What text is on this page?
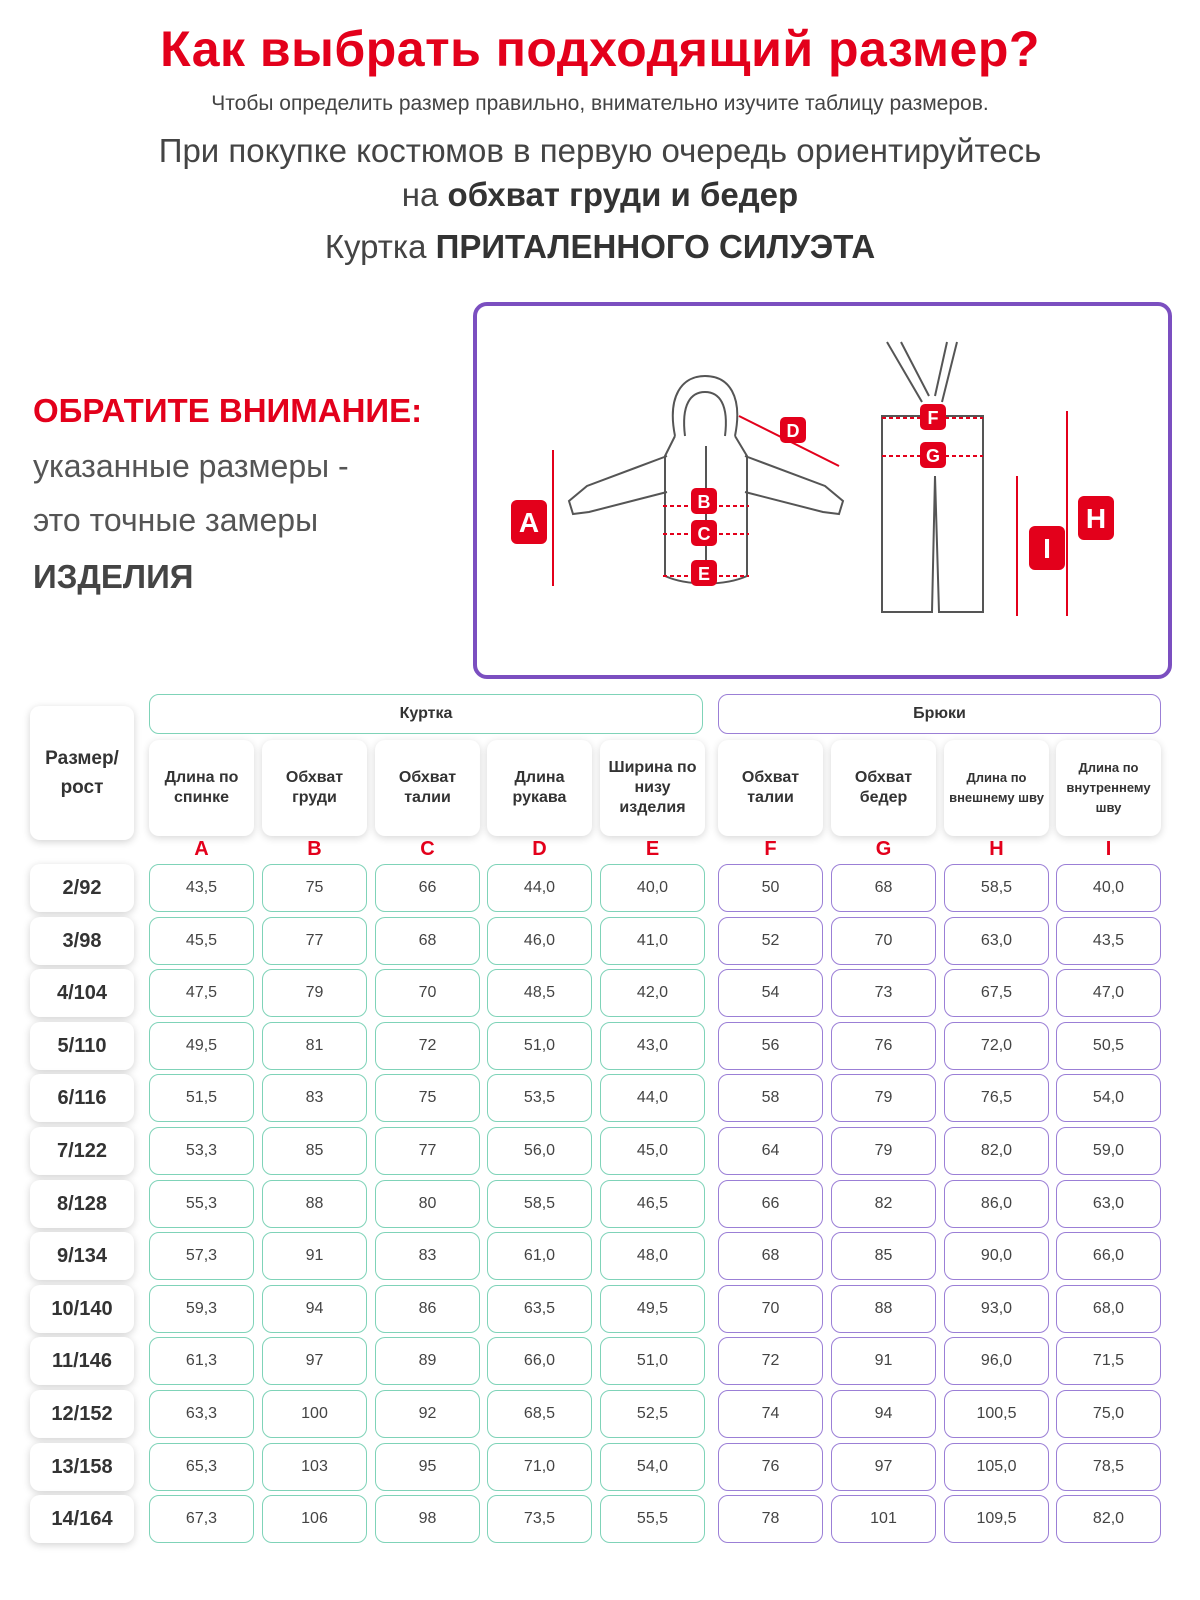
Как выбрать подходящий размер?
Чтобы определить размер правильно, внимательно изучите таблицу размеров.
При покупке костюмов в первую очередь ориентируйтесь
на обхват груди и бедер
Куртка ПРИТАЛЕННОГО СИЛУЭТА
ОБРАТИТЕ ВНИМАНИЕ:
указанные размеры -
это точные замеры
ИЗДЕЛИЯ
A
B
C
D
E
F
G
H
I
Размер/ рост
Куртка	Брюки
Длина по спинке
A
Обхват груди
B
Обхват талии
C
Длина рукава
D
Ширина по низу изделия
E
Обхват талии
F
Обхват бедер
G
Длина по внешнему шву
H
Длина по внутреннему шву
I
2/92	43,5	75	66	44,0	40,0	50	68	58,5	40,0
3/98	45,5	77	68	46,0	41,0	52	70	63,0	43,5
4/104	47,5	79	70	48,5	42,0	54	73	67,5	47,0
5/110	49,5	81	72	51,0	43,0	56	76	72,0	50,5
6/116	51,5	83	75	53,5	44,0	58	79	76,5	54,0
7/122	53,3	85	77	56,0	45,0	64	79	82,0	59,0
8/128	55,3	88	80	58,5	46,5	66	82	86,0	63,0
9/134	57,3	91	83	61,0	48,0	68	85	90,0	66,0
10/140	59,3	94	86	63,5	49,5	70	88	93,0	68,0
11/146	61,3	97	89	66,0	51,0	72	91	96,0	71,5
12/152	63,3	100	92	68,5	52,5	74	94	100,5	75,0
13/158	65,3	103	95	71,0	54,0	76	97	105,0	78,5
14/164	67,3	106	98	73,5	55,5	78	101	109,5	82,0
